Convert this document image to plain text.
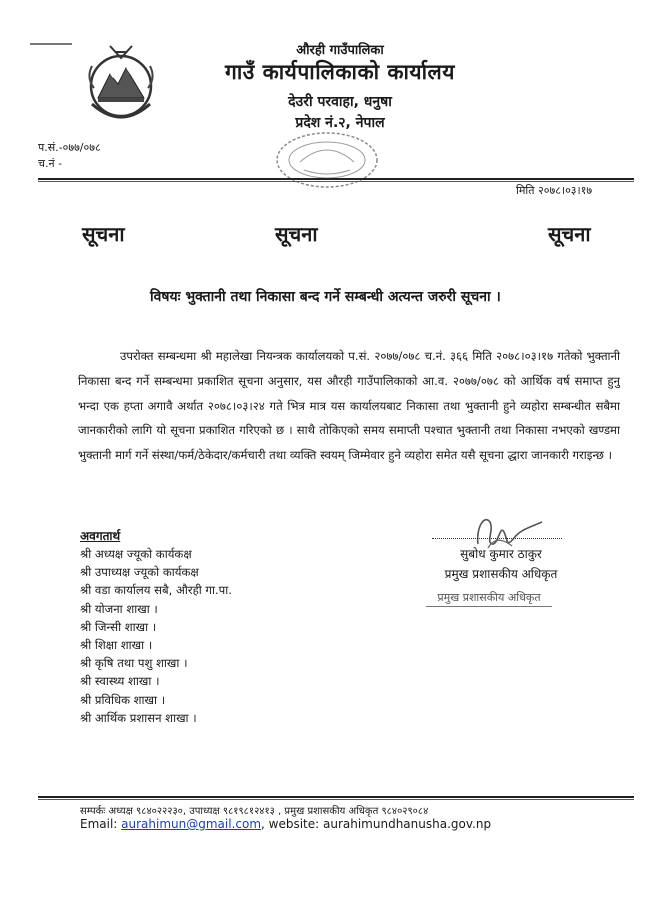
औरही गाउँपालिका
गाउँ कार्यपालिकाको कार्यालय
देउरी परवाहा, धनुषा
प्रदेश नं.२, नेपाल
प.सं.-०७७/०७८
च.नं -
मिति २०७८।०३।१७
सूचना	सूचना	सूचना
विषयः भुक्तानी तथा निकासा बन्द गर्ने सम्बन्धी अत्यन्त जरुरी सूचना ।
उपरोक्त सम्बन्धमा श्री महालेखा नियन्त्रक कार्यालयको प.सं. २०७७/०७८ च.नं. ३६६ मिति २०७८।०३।१७ गतेको भुक्तानी निकासा बन्द गर्ने सम्बन्धमा प्रकाशित सूचना अनुसार, यस औरही गाउँपालिकाको आ.व. २०७७/०७८ को आर्थिक वर्ष समाप्त हुनु भन्दा एक हप्ता अगावै अर्थात २०७८।०३।२४ गते भित्र मात्र यस कार्यालयबाट निकासा तथा भुक्तानी हुने व्यहोरा सम्बन्धीत सबैमा जानकारीको लागि यो सूचना प्रकाशित गरिएको छ । साथै तोकिएको समय समाप्ती पश्चात भुक्तानी तथा निकासा नभएको खण्डमा भुक्तानी मार्ग गर्ने संस्था/फर्म/ठेकेदार/कर्मचारी तथा व्यक्ति स्वयम् जिम्मेवार हुने व्यहोरा समेत यसै सूचना द्धारा जानकारी गराइन्छ ।
अवगतार्थ
श्री अध्यक्ष ज्यूको कार्यकक्ष
श्री उपाध्यक्ष ज्यूको कार्यकक्ष
श्री वडा कार्यालय सबै, औरही गा.पा.
श्री योजना शाखा ।
श्री जिन्सी शाखा ।
श्री शिक्षा शाखा ।
श्री कृषि तथा पशु शाखा ।
श्री स्वास्थ्य शाखा ।
श्री प्रविधिक शाखा ।
श्री आर्थिक प्रशासन शाखा ।
सुबोध कुमार ठाकुर
प्रमुख प्रशासकीय अधिकृत
प्रमुख प्रशासकीय अधिकृत
सम्पर्कः अध्यक्ष ९८४०२२२३०, उपाध्यक्ष ९८१९८१२४१३ , प्रमुख प्रशासकीय अधिकृत ९८४०२९०८४
Email: aurahimun@gmail.com, website: aurahimundhanusha.gov.np
